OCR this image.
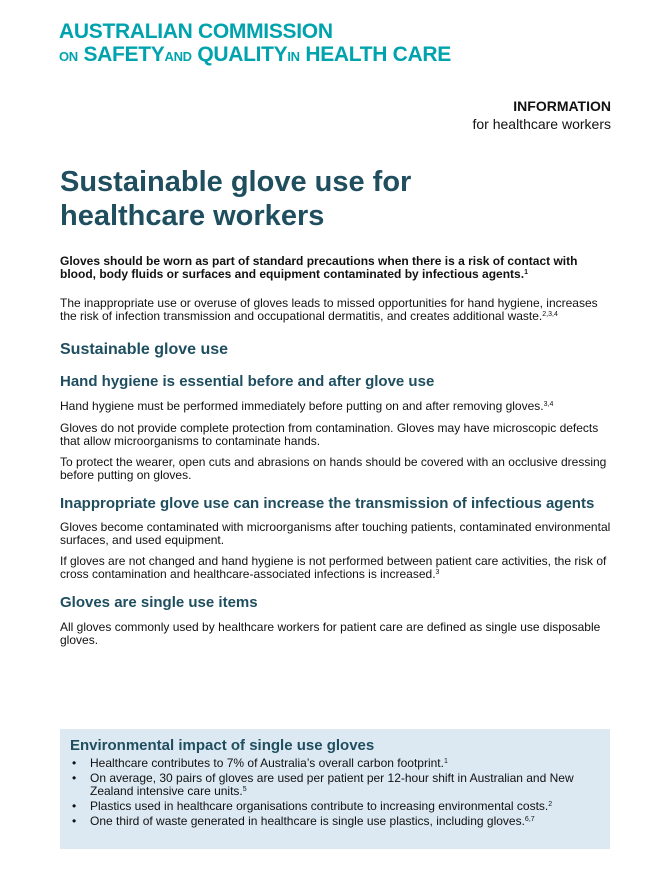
AUSTRALIAN COMMISSION
ON SAFETYAND QUALITYIN HEALTH CARE
INFORMATION
for healthcare workers
Sustainable glove use for
healthcare workers

Gloves should be worn as part of standard precautions when there is a risk of contact with blood, body fluids or surfaces and equipment contaminated by infectious agents.$^1$

The inappropriate use or overuse of gloves leads to missed opportunities for hand hygiene, increases the risk of infection transmission and occupational dermatitis, and creates additional waste.$^{2,3,4}$

Sustainable glove use
Hand hygiene is essential before and after glove use

Hand hygiene must be performed immediately before putting on and after removing gloves.$^{3,4}$

Gloves do not provide complete protection from contamination. Gloves may have microscopic defects that allow microorganisms to contaminate hands.

To protect the wearer, open cuts and abrasions on hands should be covered with an occlusive dressing before putting on gloves.

Inappropriate glove use can increase the transmission of infectious agents

Gloves become contaminated with microorganisms after touching patients, contaminated environmental surfaces, and used equipment.

If gloves are not changed and hand hygiene is not performed between patient care activities, the risk of cross contamination and healthcare-associated infections is increased.$^3$

Gloves are single use items

All gloves commonly used by healthcare workers for patient care are defined as single use disposable gloves.

Environmental impact of single use gloves
• Healthcare contributes to 7% of Australia’s overall carbon footprint.$^1$
• On average, 30 pairs of gloves are used per patient per 12-hour shift in Australian and New Zealand intensive care units.$^5$
• Plastics used in healthcare organisations contribute to increasing environmental costs.$^2$
• One third of waste generated in healthcare is single use plastics, including gloves.$^{6,7}$
